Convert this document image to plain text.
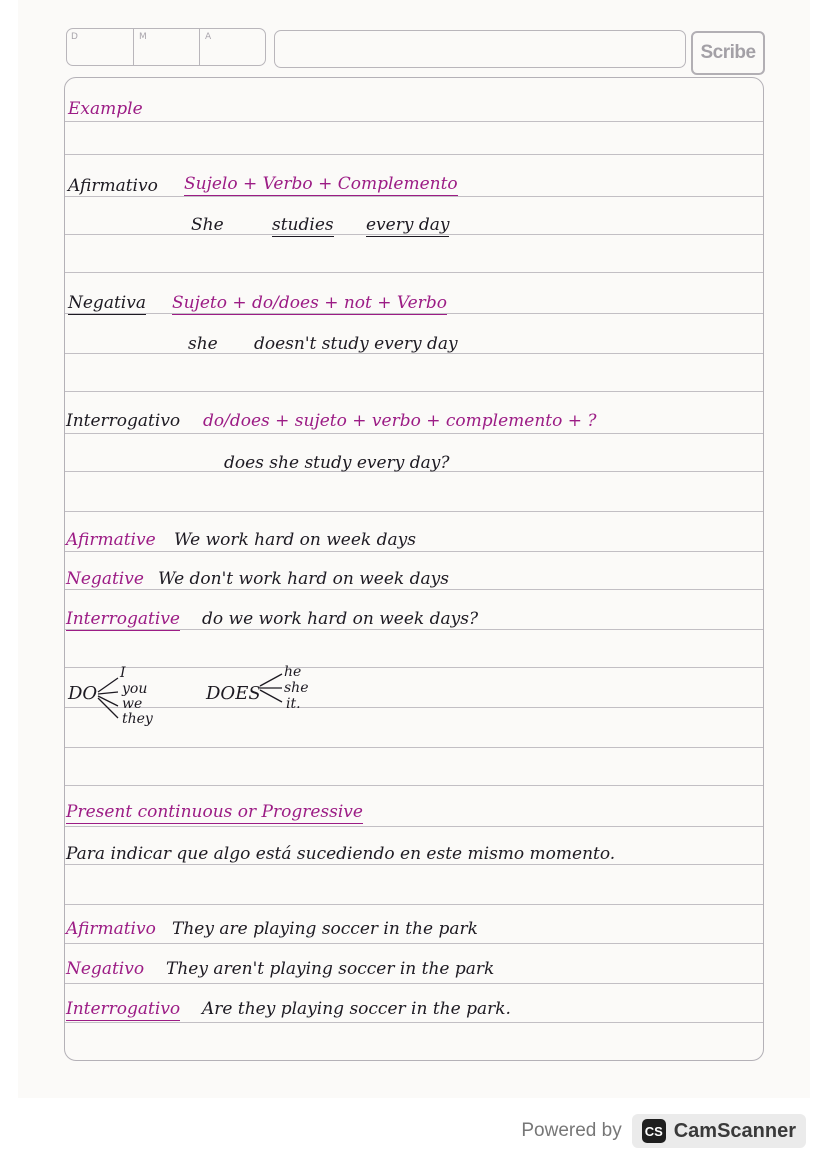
D	M	A
Scribe
Example
Afirmativo Sujelo + Verbo + Complemento
She	studies every day
Negativa Sujeto + do/does + not + Verbo
she doesn't study every day
Interrogativo do/does + sujeto + verbo + complemento + ?
does she study every day?
Afirmative We work hard on week days
Negative We don't work hard on week days
Interrogative do we work hard on week days?
DO
I
you
we
they
DOES
he
she
it.
Present continuous or Progressive
Para indicar que algo está sucediendo en este mismo momento.
Afirmativo They are playing soccer in the park
Negativo They aren't playing soccer in the park
Interrogativo Are they playing soccer in the park.
Powered by CS CamScanner
